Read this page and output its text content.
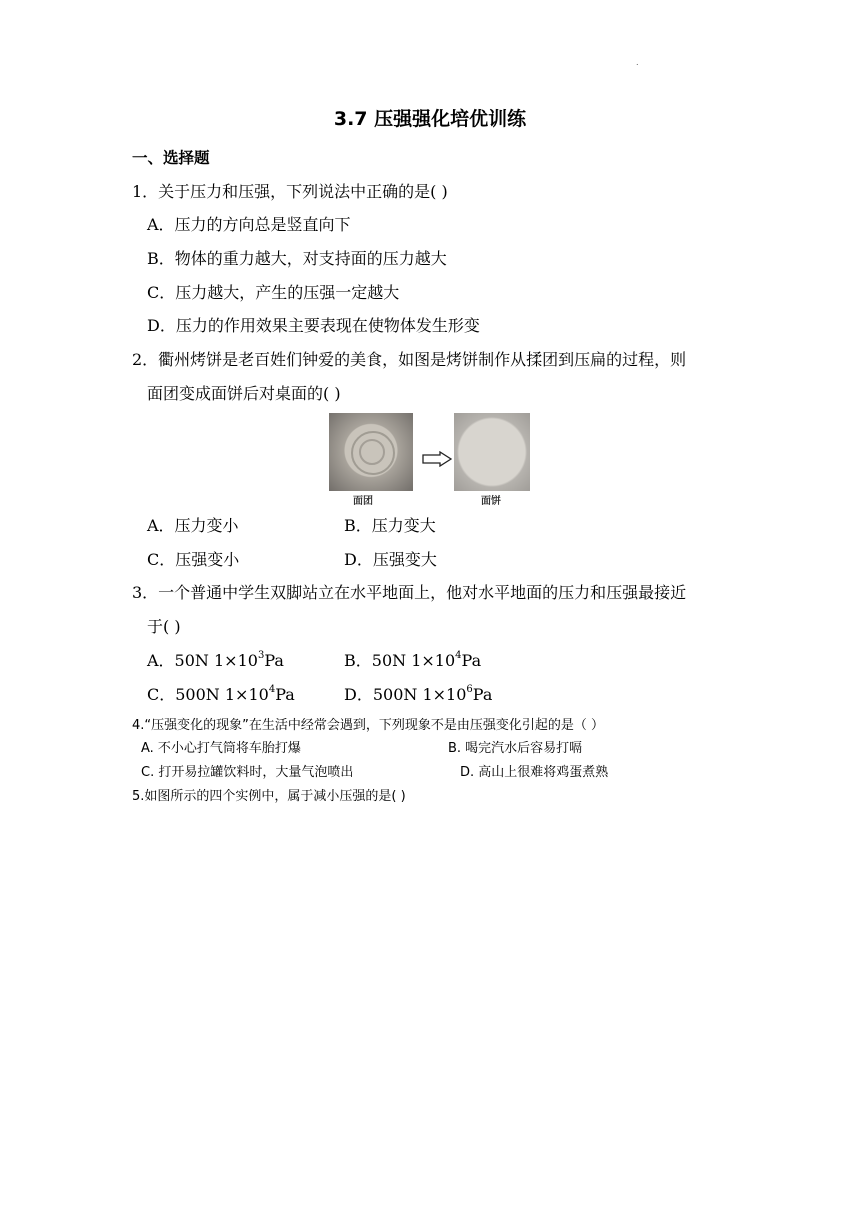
.
3.7 压强强化培优训练
一、选择题
1．关于压力和压强，下列说法中正确的是( )
A．压力的方向总是竖直向下
B．物体的重力越大，对支持面的压力越大
C．压力越大，产生的压强一定越大
D．压力的作用效果主要表现在使物体发生形变
2．衢州烤饼是老百姓们钟爱的美食，如图是烤饼制作从揉团到压扁的过程，则
面团变成面饼后对桌面的( )
面团	面饼
A．压力变小	B．压力变大
C．压强变小	D．压强变大
3．一个普通中学生双脚站立在水平地面上，他对水平地面的压力和压强最接近
于( )
A．50N $1\times 10^3Pa$	B．50N $1\times 10^4Pa$
C．500N $1\times 10^4Pa$	D．500N $1\times 10^6Pa$
4.“压强变化的现象”在生活中经常会遇到，下列现象不是由压强变化引起的是（ ）
A. 不小心打气筒将车胎打爆	B. 喝完汽水后容易打嗝
C. 打开易拉罐饮料时，大量气泡喷出	D. 高山上很难将鸡蛋煮熟
5.如图所示的四个实例中，属于减小压强的是( )
